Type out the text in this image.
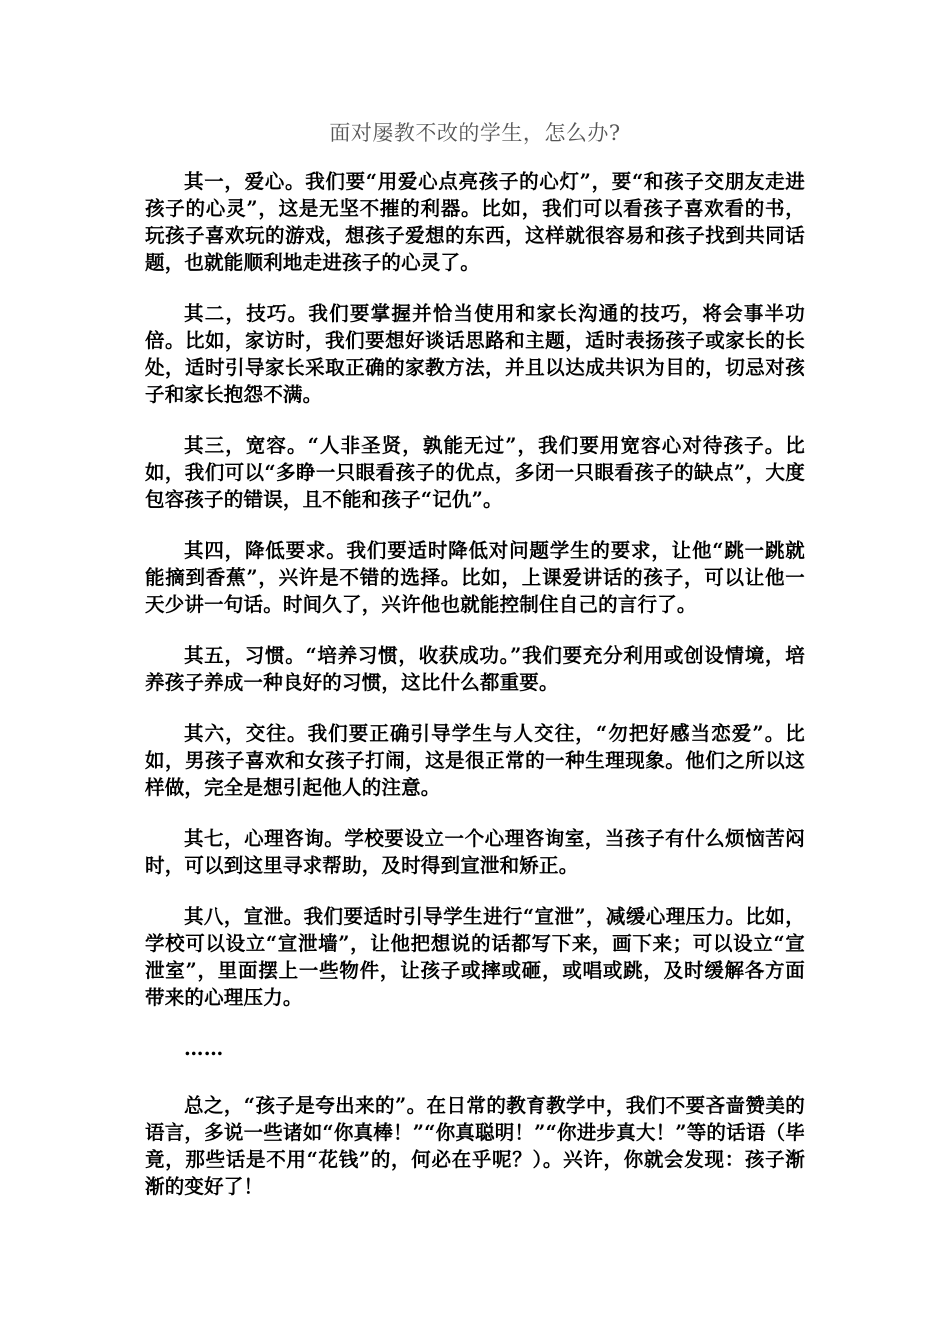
面对屡教不改的学生，怎么办?

其一，爱心。我们要“用爱心点亮孩子的心灯”，要“和孩子交朋友走进孩子的心灵”，这是无坚不摧的利器。比如，我们可以看孩子喜欢看的书，玩孩子喜欢玩的游戏，想孩子爱想的东西，这样就很容易和孩子找到共同话题，也就能顺利地走进孩子的心灵了。

其二，技巧。我们要掌握并恰当使用和家长沟通的技巧，将会事半功倍。比如，家访时，我们要想好谈话思路和主题，适时表扬孩子或家长的长处，适时引导家长采取正确的家教方法，并且以达成共识为目的，切忌对孩子和家长抱怨不满。

其三，宽容。“人非圣贤，孰能无过”，我们要用宽容心对待孩子。比如，我们可以“多睁一只眼看孩子的优点，多闭一只眼看孩子的缺点”，大度包容孩子的错误，且不能和孩子“记仇”。

其四，降低要求。我们要适时降低对问题学生的要求，让他“跳一跳就能摘到香蕉”，兴许是不错的选择。比如，上课爱讲话的孩子，可以让他一天少讲一句话。时间久了，兴许他也就能控制住自己的言行了。

其五，习惯。“培养习惯，收获成功。”我们要充分利用或创设情境，培养孩子养成一种良好的习惯，这比什么都重要。

其六，交往。我们要正确引导学生与人交往，“勿把好感当恋爱”。比如，男孩子喜欢和女孩子打闹，这是很正常的一种生理现象。他们之所以这样做，完全是想引起他人的注意。

其七，心理咨询。学校要设立一个心理咨询室，当孩子有什么烦恼苦闷时，可以到这里寻求帮助，及时得到宣泄和矫正。

其八，宣泄。我们要适时引导学生进行“宣泄”，减缓心理压力。比如，学校可以设立“宣泄墙”，让他把想说的话都写下来，画下来；可以设立“宣泄室”，里面摆上一些物件，让孩子或摔或砸，或唱或跳，及时缓解各方面带来的心理压力。

……

总之，“孩子是夸出来的”。在日常的教育教学中，我们不要吝啬赞美的语言，多说一些诸如“你真棒！”“你真聪明！”“你进步真大！”等的话语（毕竟，那些话是不用“花钱”的，何必在乎呢？）。兴许，你就会发现：孩子渐渐的变好了！
